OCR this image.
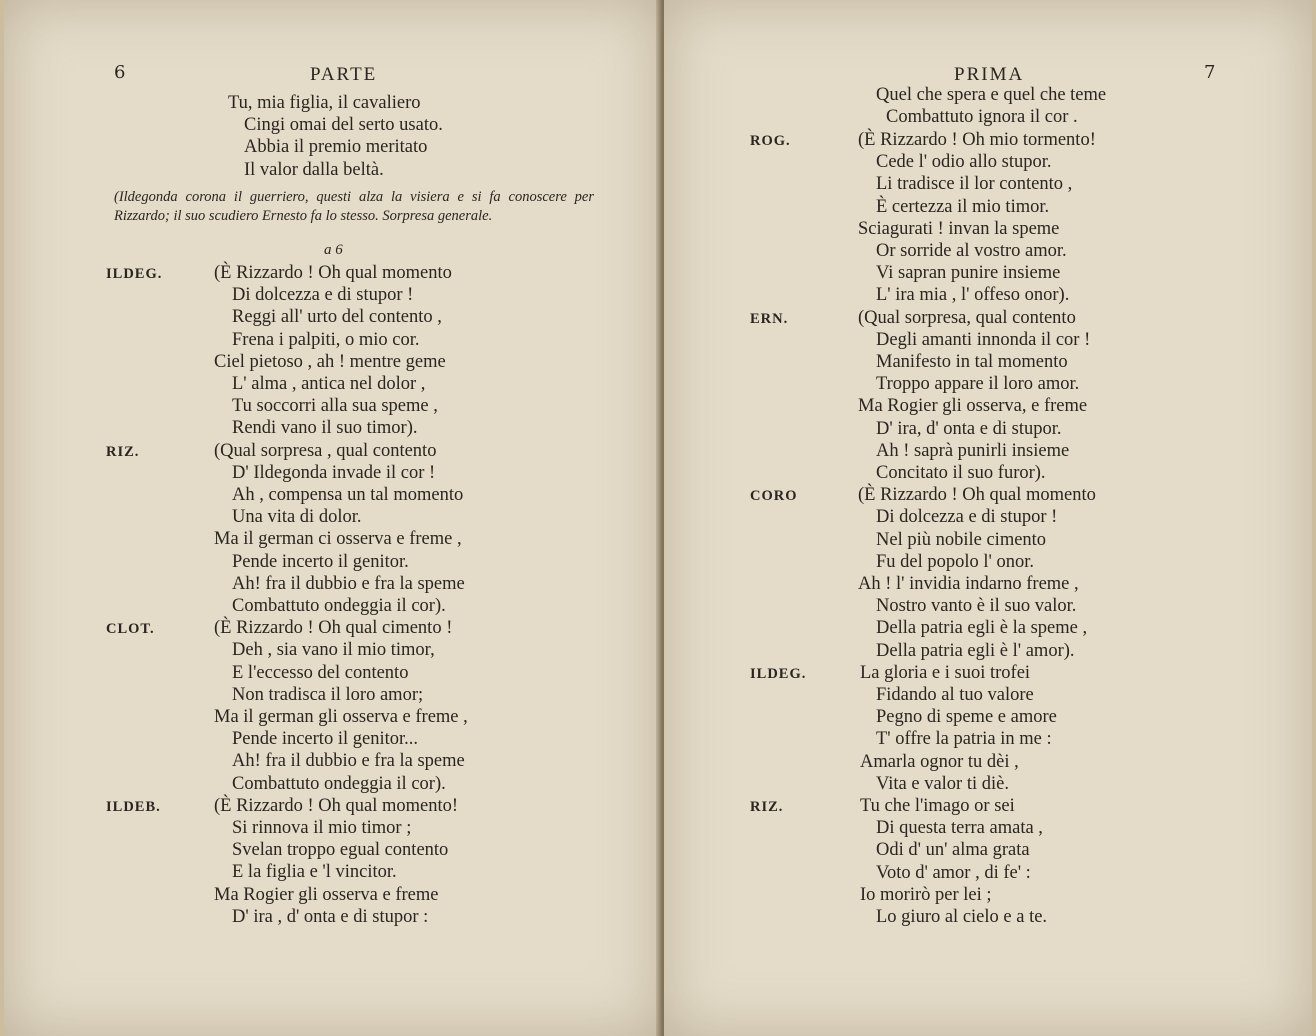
6	PARTE
(Ildegonda corona il guerriero, questi alza la visiera e si fa conoscere per Rizzardo; il suo scudiero Ernesto fa lo stesso. Sorpresa generale.
a 6
Tu, mia figlia, il cavaliero
Cingi omai del serto usato.
Abbia il premio meritato
Il valor dalla beltà.
ILDEG.	(È Rizzardo ! Oh qual momento
Di dolcezza e di stupor !
Reggi all' urto del contento ,
Frena i palpiti, o mio cor.
Ciel pietoso , ah ! mentre geme
L' alma , antica nel dolor ,
Tu soccorri alla sua speme ,
Rendi vano il suo timor).
RIZ.	(Qual sorpresa , qual contento
D' Ildegonda invade il cor !
Ah , compensa un tal momento
Una vita di dolor.
Ma il german ci osserva e freme ,
Pende incerto il genitor.
Ah! fra il dubbio e fra la speme
Combattuto ondeggia il cor).
CLOT.	(È Rizzardo ! Oh qual cimento !
Deh , sia vano il mio timor,
E l'eccesso del contento
Non tradisca il loro amor;
Ma il german gli osserva e freme ,
Pende incerto il genitor...
Ah! fra il dubbio e fra la speme
Combattuto ondeggia il cor).
ILDEB.	(È Rizzardo ! Oh qual momento!
Si rinnova il mio timor ;
Svelan troppo egual contento
E la figlia e 'l vincitor.
Ma Rogier gli osserva e freme
D' ira , d' onta e di stupor :
PRIMA	7
Quel che spera e quel che teme
Combattuto ignora il cor .
ROG.	(È Rizzardo ! Oh mio tormento!
Cede l' odio allo stupor.
Li tradisce il lor contento ,
È certezza il mio timor.
Sciagurati ! invan la speme
Or sorride al vostro amor.
Vi sapran punire insieme
L' ira mia , l' offeso onor).
ERN.	(Qual sorpresa, qual contento
Degli amanti innonda il cor !
Manifesto in tal momento
Troppo appare il loro amor.
Ma Rogier gli osserva, e freme
D' ira, d' onta e di stupor.
Ah ! saprà punirli insieme
Concitato il suo furor).
CORO	(È Rizzardo ! Oh qual momento
Di dolcezza e di stupor !
Nel più nobile cimento
Fu del popolo l' onor.
Ah ! l' invidia indarno freme ,
Nostro vanto è il suo valor.
Della patria egli è la speme ,
Della patria egli è l' amor).
ILDEG.	La gloria e i suoi trofei
Fidando al tuo valore
Pegno di speme e amore
T' offre la patria in me :
Amarla ognor tu dèi ,
Vita e valor ti diè.
RIZ.	Tu che l'imago or sei
Di questa terra amata ,
Odi d' un' alma grata
Voto d' amor , di fe' :
Io morirò per lei ;
Lo giuro al cielo e a te.
